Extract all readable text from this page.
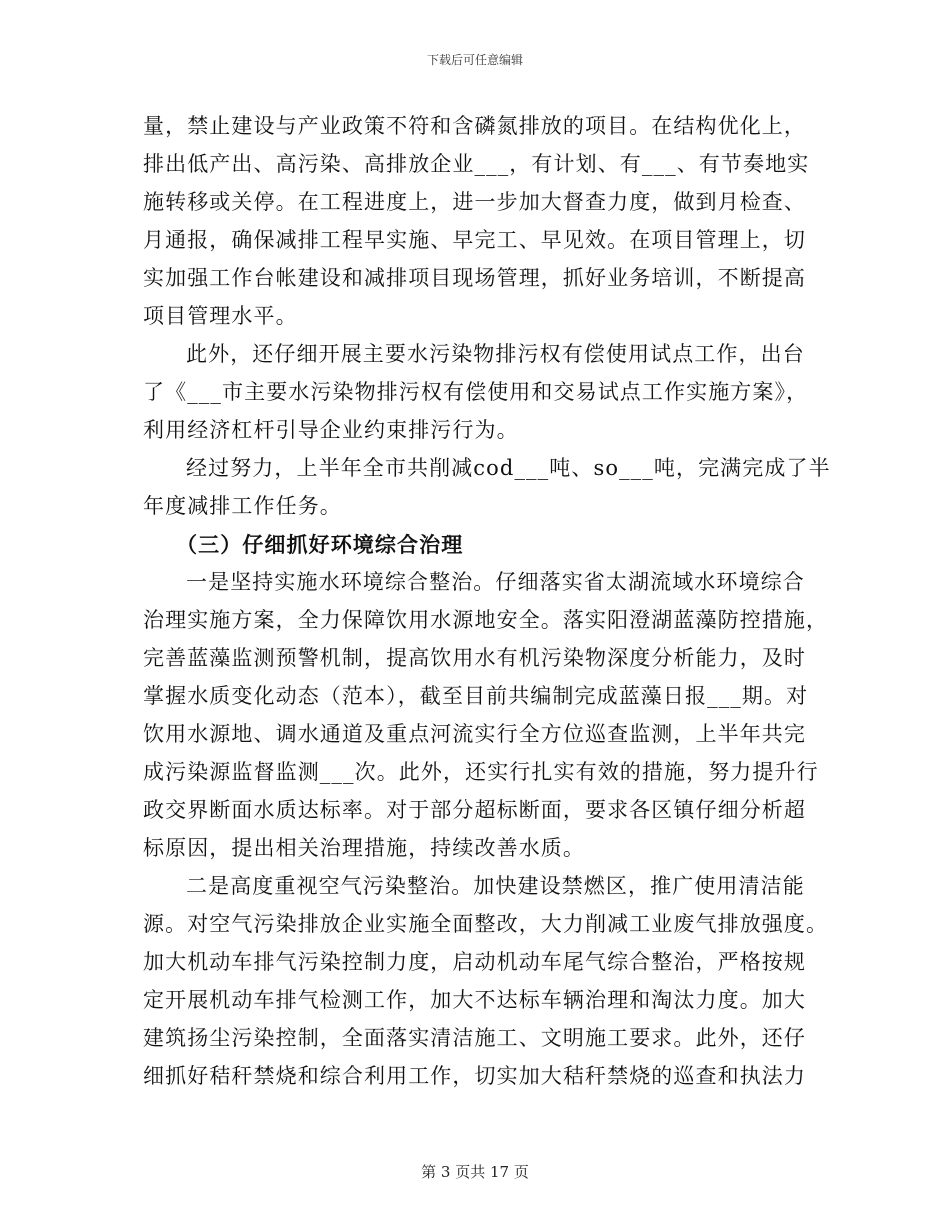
下载后可任意编辑
量，禁止建设与产业政策不符和含磷氮排放的项目。在结构优化上，
排出低产出、高污染、高排放企业___，有计划、有___、有节奏地实
施转移或关停。在工程进度上，进一步加大督查力度，做到月检查、
月通报，确保减排工程早实施、早完工、早见效。在项目管理上，切
实加强工作台帐建设和减排项目现场管理，抓好业务培训，不断提高
项目管理水平。
此外，还仔细开展主要水污染物排污权有偿使用试点工作，出台
了《___市主要水污染物排污权有偿使用和交易试点工作实施方案》，
利用经济杠杆引导企业约束排污行为。
经过努力，上半年全市共削减cod___吨、so___吨，完满完成了半
年度减排工作任务。
（三）仔细抓好环境综合治理
一是坚持实施水环境综合整治。仔细落实省太湖流域水环境综合
治理实施方案，全力保障饮用水源地安全。落实阳澄湖蓝藻防控措施，
完善蓝藻监测预警机制，提高饮用水有机污染物深度分析能力，及时
掌握水质变化动态（范本），截至目前共编制完成蓝藻日报___期。对
饮用水源地、调水通道及重点河流实行全方位巡查监测，上半年共完
成污染源监督监测___次。此外，还实行扎实有效的措施，努力提升行
政交界断面水质达标率。对于部分超标断面，要求各区镇仔细分析超
标原因，提出相关治理措施，持续改善水质。
二是高度重视空气污染整治。加快建设禁燃区，推广使用清洁能
源。对空气污染排放企业实施全面整改，大力削减工业废气排放强度。
加大机动车排气污染控制力度，启动机动车尾气综合整治，严格按规
定开展机动车排气检测工作，加大不达标车辆治理和淘汰力度。加大
建筑扬尘污染控制，全面落实清洁施工、文明施工要求。此外，还仔
细抓好秸秆禁烧和综合利用工作，切实加大秸秆禁烧的巡查和执法力
第 3 页共 17 页
